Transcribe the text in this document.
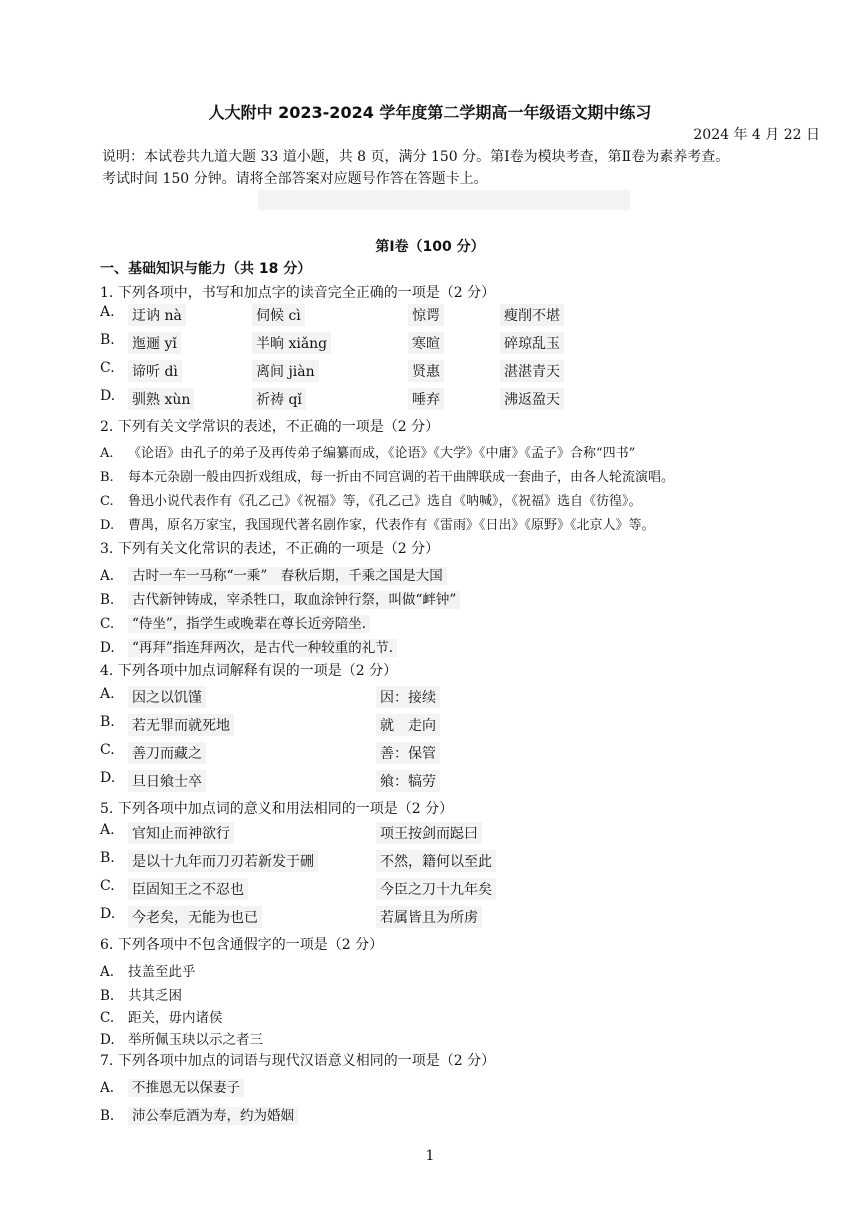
人大附中 2023-2024 学年度第二学期高一年级语文期中练习
2024 年 4 月 22 日
说明：本试卷共九道大题 33 道小题，共 8 页，满分 150 分。第Ⅰ卷为模块考查，第Ⅱ卷为素养考查。
考试时间 150 分钟。请将全部答案对应题号作答在答题卡上。
第Ⅰ卷（100 分）
一、基础知识与能力（共 18 分）
1. 下列各项中，书写和加点字的读音完全正确的一项是（2 分）
A. 迂讷 nà	伺候 cì	惊谔	瘦削不堪
B. 迤逦 yǐ	半晌 xiǎng	寒暄	碎琼乱玉
C. 谛听 dì	离间 jiàn	贤惠	湛湛青天
D. 驯熟 xùn	祈祷 qǐ	唾弃	沸返盈天
2. 下列有关文学常识的表述，不正确的一项是（2 分）
A. 《论语》由孔子的弟子及再传弟子编纂而成，《论语》《大学》《中庸》《孟子》合称“四书”
B. 每本元杂剧一般由四折戏组成，每一折由不同宫调的若干曲牌联成一套曲子，由各人轮流演唱。
C. 鲁迅小说代表作有《孔乙己》《祝福》等，《孔乙己》选自《呐喊》，《祝福》选自《彷徨》。
D. 曹禺，原名万家宝，我国现代著名剧作家，代表作有《雷雨》《日出》《原野》《北京人》等。
3. 下列有关文化常识的表述，不正确的一项是（2 分）
A. 古时一车一马称“一乘”　春秋后期，千乘之国是大国
B. 古代新钟铸成，宰杀牲口，取血涂钟行祭，叫做“衅钟”
C. “侍坐”，指学生或晚辈在尊长近旁陪坐.
D. “再拜”指连拜两次，是古代一种较重的礼节.
4. 下列各项中加点词解释有误的一项是（2 分）
A. 因之以饥馑	因：接续
B. 若无罪而就死地	就　走向
C. 善刀而藏之	善：保管
D. 旦日飨士卒	飨：犒劳
5. 下列各项中加点词的意义和用法相同的一项是（2 分）
A. 官知止而神欲行	项王按剑而跽曰
B. 是以十九年而刀刃若新发于硎	不然，籍何以至此
C. 臣固知王之不忍也	今臣之刀十九年矣
D. 今老矣，无能为也已	若属皆且为所虏
6. 下列各项中不包含通假字的一项是（2 分）
A. 技盖至此乎
B. 共其乏困
C. 距关，毋内诸侯
D. 举所佩玉玦以示之者三
7. 下列各项中加点的词语与现代汉语意义相同的一项是（2 分）
A. 不推恩无以保妻子
B. 沛公奉卮酒为寿，约为婚姻
1
